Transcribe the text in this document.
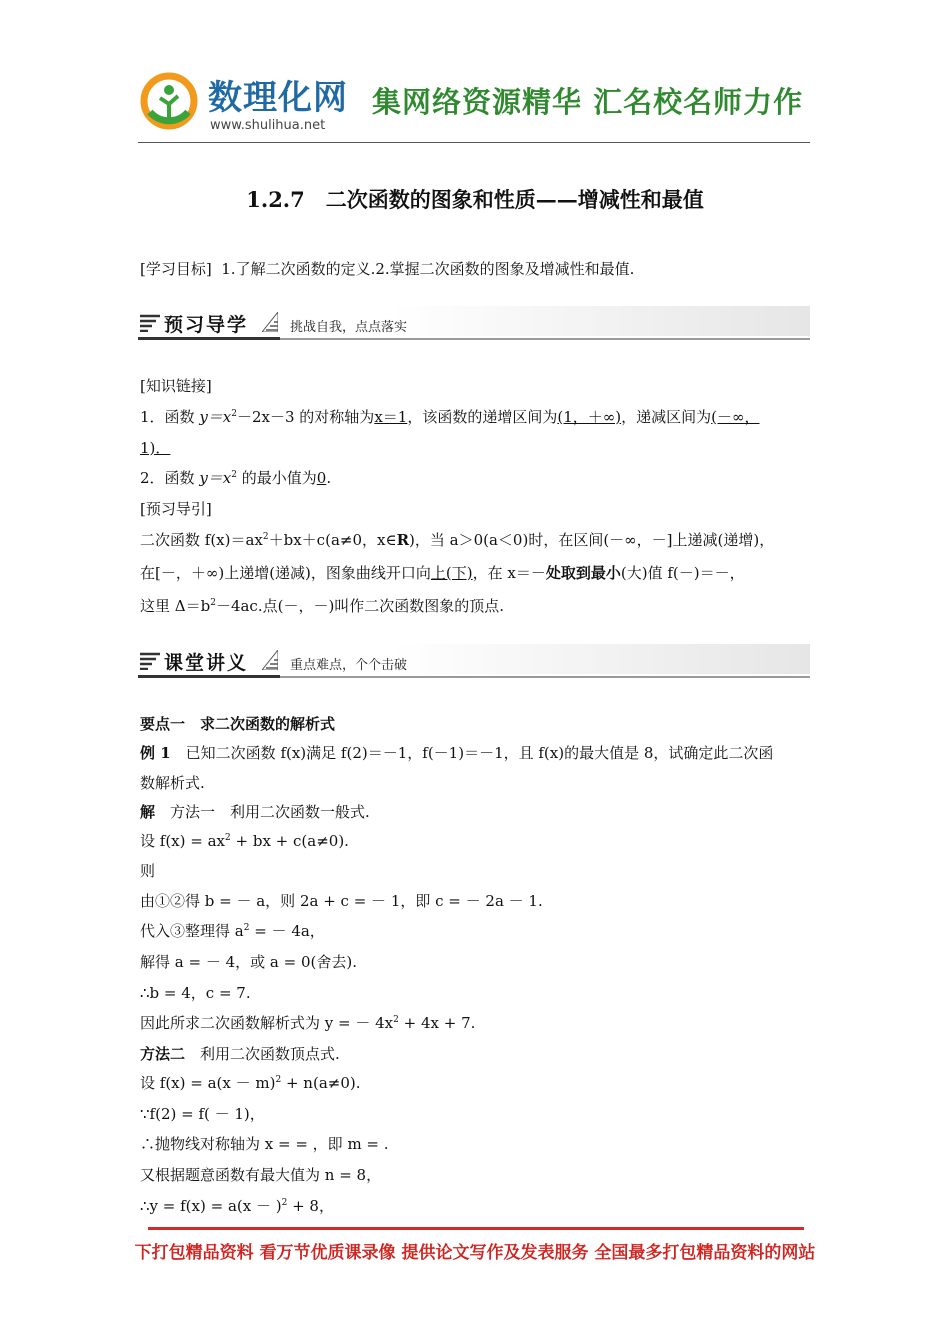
数理化网
www.shulihua.net
集网络资源精华 汇名校名师力作
1.2.7　二次函数的图象和性质——增减性和最值
[学习目标] 1.了解二次函数的定义.2.掌握二次函数的图象及增减性和最值.
预习导学	挑战自我，点点落实
[知识链接]
1．函数 $y=x^2-2x-3$ 的对称轴为x＝1，该函数的递增区间为(1，＋∞)，递减区间为(－∞，
1)．
2．函数 $y=x^2$ 的最小值为0.
[预习导引]
二次函数 $f(x)=ax^2+bx+c(a\ne 0$，x∈R)，当 a＞0(a＜0)时，在区间(－∞，－]上递减(递增)，
在[－，＋∞)上递增(递减)，图象曲线开口向上(下)，在 x＝－处取到最小(大)值 f(－)＝－，
这里 $\Delta=b^2-4ac$.点(－，－)叫作二次函数图象的顶点.
课堂讲义	重点难点，个个击破
要点一　求二次函数的解析式
例 1　已知二次函数 f(x)满足 f(2)＝－1，f(－1)＝－1，且 f(x)的最大值是 8，试确定此二次函
数解析式.
解　方法一　利用二次函数一般式.
设 $f(x) = ax^2$ + bx + c(a≠0).
则
由①②得 b = － a，则 2a + c = － 1，即 c = － 2a － 1.
代入③整理得 $a^2$ = － 4a，
解得 a = － 4，或 a = 0(舍去).
∴b = 4，c = 7.
因此所求二次函数解析式为 y = － $4x^2 + 4x + 7$.
方法二　利用二次函数顶点式.
设 $f(x) = a(x - m)^2 + n(a\ne 0)$.
∵f(2) = f( － 1)，
∴抛物线对称轴为 x = = ，即 m = .
又根据题意函数有最大值为 n = 8，
∴y = $f(x) = a(x - )^2 + 8$，
下打包精品资料 看万节优质课录像 提供论文写作及发表服务 全国最多打包精品资料的网站
